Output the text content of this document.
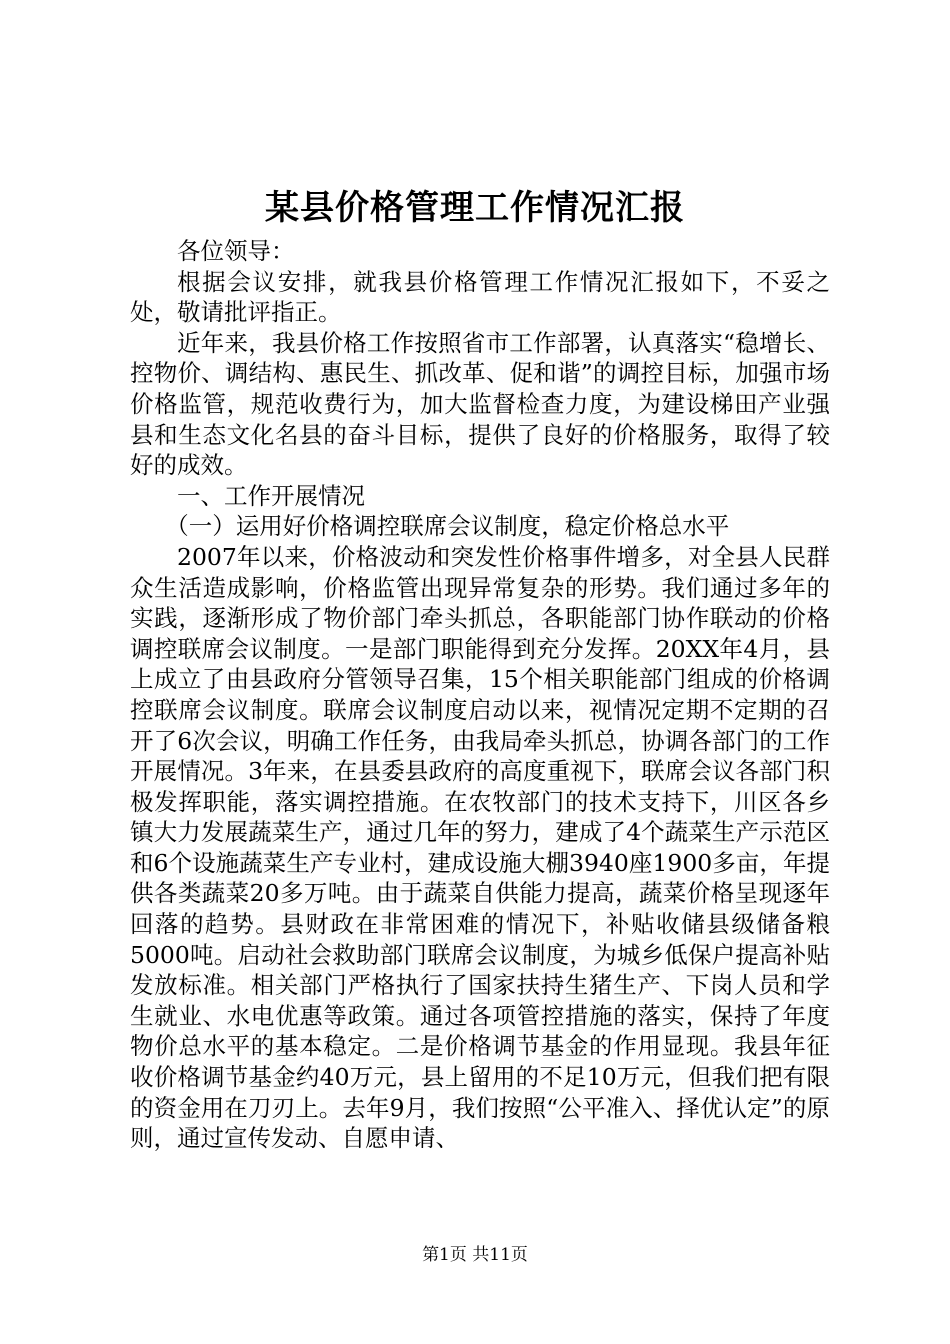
某县价格管理工作情况汇报

各位领导：

根据会议安排，就我县价格管理工作情况汇报如下，不妥之处，敬请批评指正。

近年来，我县价格工作按照省市工作部署，认真落实“稳增长、控物价、调结构、惠民生、抓改革、促和谐”的调控目标，加强市场价格监管，规范收费行为，加大监督检查力度，为建设梯田产业强县和生态文化名县的奋斗目标，提供了良好的价格服务，取得了较好的成效。

一、工作开展情况

（一）运用好价格调控联席会议制度，稳定价格总水平

2007年以来，价格波动和突发性价格事件增多，对全县人民群众生活造成影响，价格监管出现异常复杂的形势。我们通过多年的实践，逐渐形成了物价部门牵头抓总，各职能部门协作联动的价格调控联席会议制度。一是部门职能得到充分发挥。20XX年4月，县上成立了由县政府分管领导召集，15个相关职能部门组成的价格调控联席会议制度。联席会议制度启动以来，视情况定期不定期的召开了6次会议，明确工作任务，由我局牵头抓总，协调各部门的工作开展情况。3年来，在县委县政府的高度重视下，联席会议各部门积极发挥职能，落实调控措施。在农牧部门的技术支持下，川区各乡镇大力发展蔬菜生产，通过几年的努力，建成了4个蔬菜生产示范区和6个设施蔬菜生产专业村，建成设施大棚3940座1900多亩，年提供各类蔬菜20多万吨。由于蔬菜自供能力提高，蔬菜价格呈现逐年回落的趋势。县财政在非常困难的情况下，补贴收储县级储备粮5000吨。启动社会救助部门联席会议制度，为城乡低保户提高补贴发放标准。相关部门严格执行了国家扶持生猪生产、下岗人员和学生就业、水电优惠等政策。通过各项管控措施的落实，保持了年度物价总水平的基本稳定。二是价格调节基金的作用显现。我县年征收价格调节基金约40万元，县上留用的不足10万元，但我们把有限的资金用在刀刃上。去年9月，我们按照“公平准入、择优认定”的原则，通过宣传发动、自愿申请、

第1页 共11页
